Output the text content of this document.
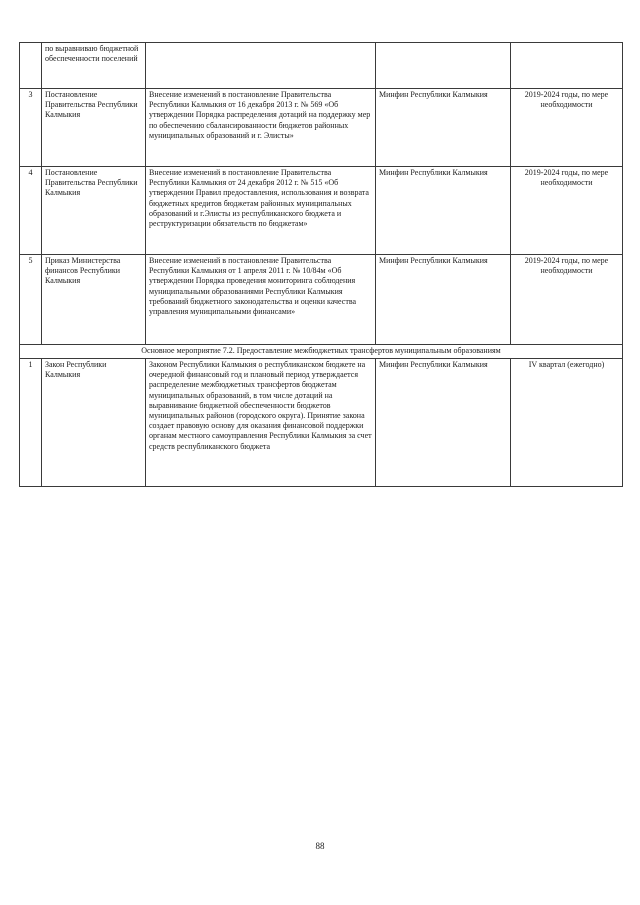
	по выравниваю бюджетной обеспеченности поселений			
3	Постановление Правительства Республики Калмыкия	Внесение изменений в постановление Правительства Республики Калмыкия от 16 декабря 2013 г. № 569 «Об утверждении Порядка распределения дотаций на поддержку мер по обеспечению сбалансированности бюджетов районных муниципальных образований и г. Элисты»	Минфин Республики Калмыкия	2019-2024 годы, по мере необходимости
4	Постановление Правительства Республики Калмыкия	Внесение изменений в постановление Правительства Республики Калмыкия от 24 декабря 2012 г. № 515 «Об утверждении Правил предоставления, использования и возврата бюджетных кредитов бюджетам районных муниципальных образований и г.Элисты из республиканского бюджета и реструктуризации обязательств по бюджетам»	Минфин Республики Калмыкия	2019-2024 годы, по мере необходимости
5	Приказ Министерства финансов Республики Калмыкия	Внесение изменений в постановление Правительства Республики Калмыкия от 1 апреля 2011 г. № 10/84м «Об утверждении Порядка проведения мониторинга соблюдения муниципальными образованиями Республики Калмыкия требований бюджетного законодательства и оценки качества управления муниципальными финансами»	Минфин Республики Калмыкия	2019-2024 годы, по мере необходимости
Основное мероприятие 7.2. Предоставление межбюджетных трансфертов муниципальным образованиям				
1	Закон Республики Калмыкия	Законом Республики Калмыкия о республиканском бюджете на очередной финансовый год и плановый период утверждается распределение межбюджетных трансфертов бюджетам муниципальных образований, в том числе дотаций на выравнивание бюджетной обеспеченности бюджетов муниципальных районов (городского округа). Принятие закона создает правовую основу для оказания финансовой поддержки органам местного самоуправления Республики Калмыкия за счет средств республиканского бюджета	Минфин Республики Калмыкия	IV квартал (ежегодно)
88
